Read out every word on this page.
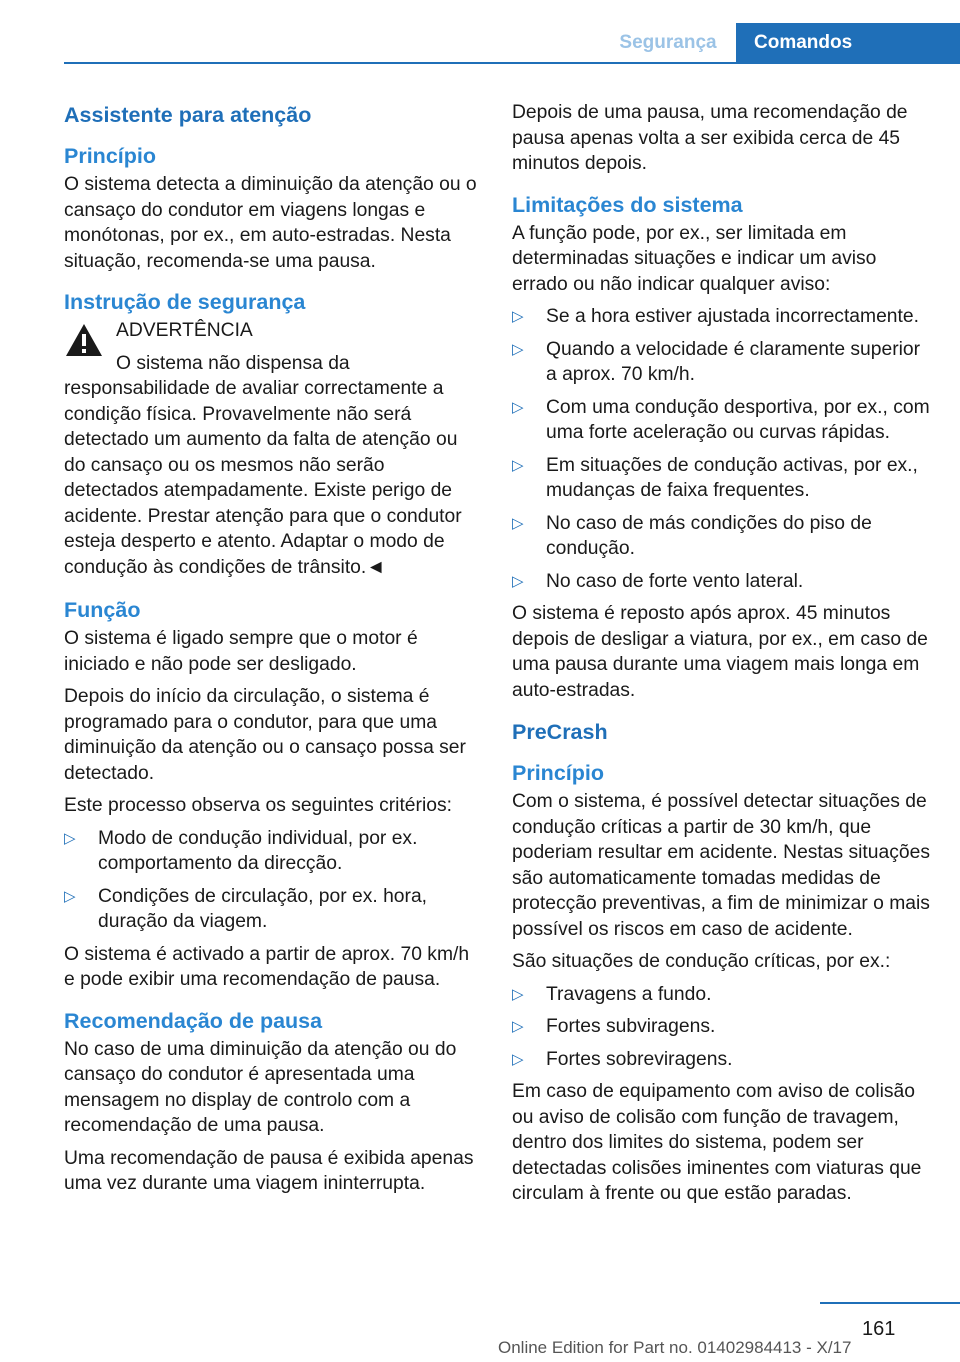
Segurança	Comandos
Assistente para atenção
Princípio

O sistema detecta a diminuição da atenção ou o cansaço do condutor em viagens longas e monótonas, por ex., em auto-estradas. Nesta situação, recomenda-se uma pausa.

Instrução de segurança
ADVERTÊNCIA

O sistema não dispensa da responsabilidade de avaliar correctamente a condição física. Provavelmente não será detectado um aumento da falta de atenção ou do cansaço ou os mesmos não serão detectados atempadamente. Existe perigo de acidente. Prestar atenção para que o condutor esteja desperto e atento. Adaptar o modo de condução às condições de trânsito.◄

Função

O sistema é ligado sempre que o motor é iniciado e não pode ser desligado.

Depois do início da circulação, o sistema é programado para o condutor, para que uma diminuição da atenção ou o cansaço possa ser detectado.

Este processo observa os seguintes critérios:

▷ Modo de condução individual, por ex. comportamento da direcção.
▷ Condições de circulação, por ex. hora, duração da viagem.

O sistema é activado a partir de aprox. 70 km/h e pode exibir uma recomendação de pausa.

Recomendação de pausa

No caso de uma diminuição da atenção ou do cansaço do condutor é apresentada uma mensagem no display de controlo com a recomendação de uma pausa.

Uma recomendação de pausa é exibida apenas uma vez durante uma viagem ininterrupta.

Depois de uma pausa, uma recomendação de pausa apenas volta a ser exibida cerca de 45 minutos depois.

Limitações do sistema

A função pode, por ex., ser limitada em determinadas situações e indicar um aviso errado ou não indicar qualquer aviso:

▷ Se a hora estiver ajustada incorrectamente.
▷ Quando a velocidade é claramente superior a aprox. 70 km/h.
▷ Com uma condução desportiva, por ex., com uma forte aceleração ou curvas rápidas.
▷ Em situações de condução activas, por ex., mudanças de faixa frequentes.
▷ No caso de más condições do piso de condução.
▷ No caso de forte vento lateral.

O sistema é reposto após aprox. 45 minutos depois de desligar a viatura, por ex., em caso de uma pausa durante uma viagem mais longa em auto-estradas.

PreCrash
Princípio

Com o sistema, é possível detectar situações de condução críticas a partir de 30 km/h, que poderiam resultar em acidente. Nestas situações são automaticamente tomadas medidas de protecção preventivas, a fim de minimizar o mais possível os riscos em caso de acidente.

São situações de condução críticas, por ex.:

▷ Travagens a fundo.
▷ Fortes subviragens.
▷ Fortes sobreviragens.

Em caso de equipamento com aviso de colisão ou aviso de colisão com função de travagem, dentro dos limites do sistema, podem ser detectadas colisões iminentes com viaturas que circulam à frente ou que estão paradas.

161
Online Edition for Part no. 01402984413 - X/17
